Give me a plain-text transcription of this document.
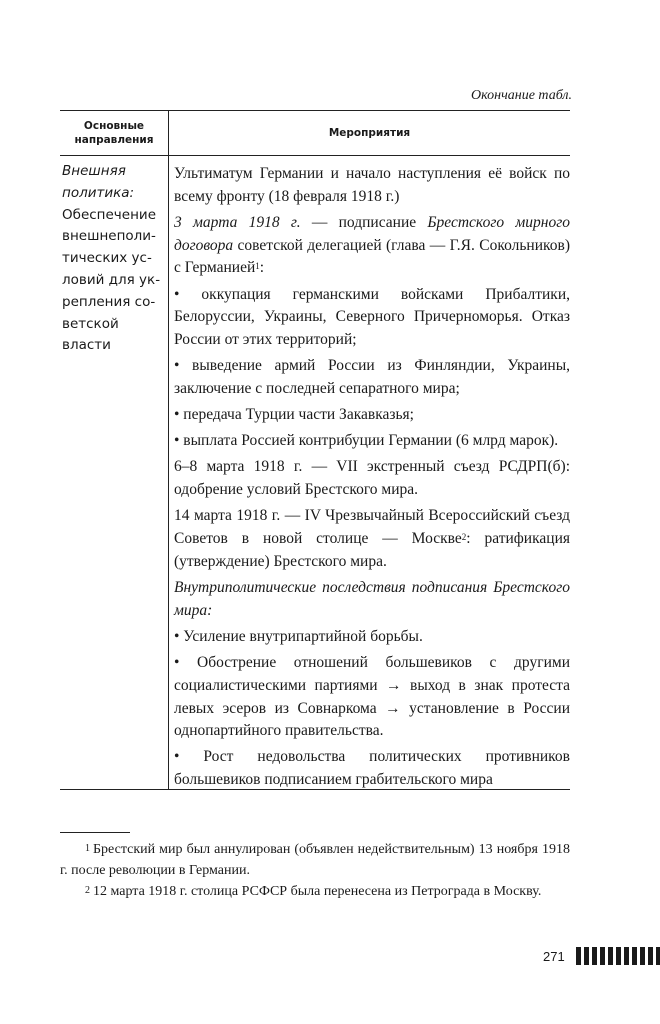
Окончание табл.
Основные
направления
Мероприятия
Внешняя
политика:
Обеспечение
внешнеполи-
тических ус-
ловий для ук-
репления со-
ветской
власти

Ультиматум Германии и начало наступления её войск по всему фронту (18 февраля 1918 г.)

3 марта 1918 г. — подписание Брестского мирного договора советской делегацией (глава — Г.Я. Сокольников) с Германией$^1$:

• оккупация германскими войсками Прибалтики, Белоруссии, Украины, Северного Причерноморья. Отказ России от этих территорий;

• выведение армий России из Финляндии, Украины, заключение с последней сепаратного мира;

• передача Турции части Закавказья;

• выплата Россией контрибуции Германии (6 млрд марок).

6–8 марта 1918 г. — VII экстренный съезд РСДРП(б): одобрение условий Брестского мира.

14 марта 1918 г. — IV Чрезвычайный Всероссийский съезд Советов в новой столице — Москве$^2$: ратификация (утверждение) Брестского мира.

Внутриполитические последствия подписания Брестского мира:

• Усиление внутрипартийной борьбы.

• Обострение отношений большевиков с другими социалистическими партиями → выход в знак протеста левых эсеров из Совнаркома → установление в России однопартийного правительства.

• Рост недовольства политических противников большевиков подписанием грабительского мира

$^1$ Брестский мир был аннулирован (объявлен недействительным) 13 ноября 1918 г. после революции в Германии.

$^2$ 12 марта 1918 г. столица РСФСР была перенесена из Петрограда в Москву.

271
